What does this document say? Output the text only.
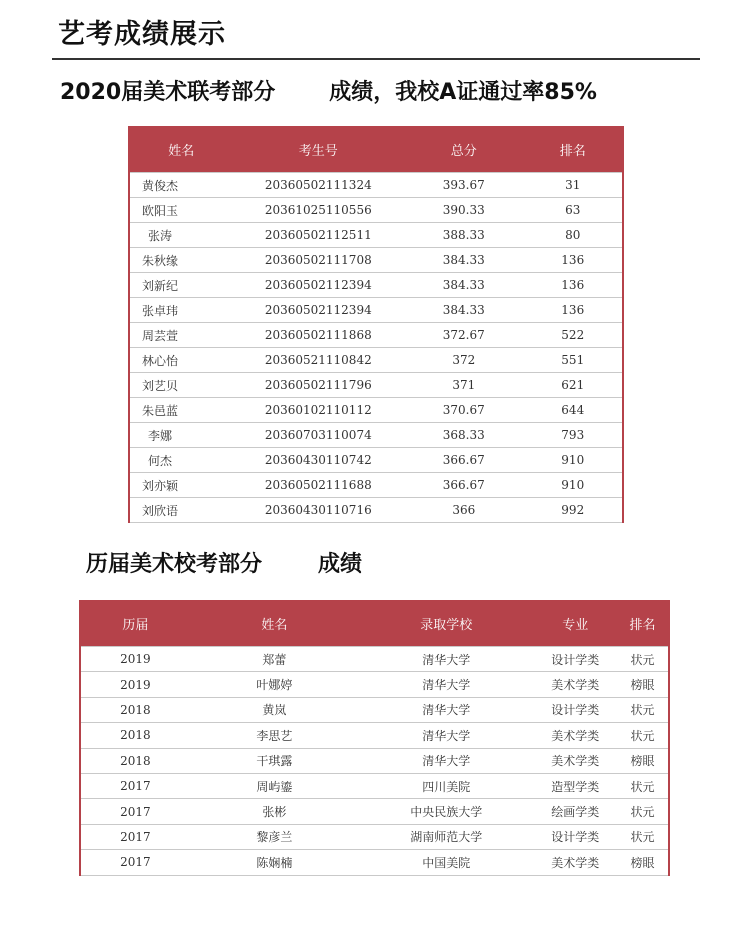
艺考成绩展示
2020届美术联考部分 成绩，我校A证通过率85%
姓名	考生号	总分	排名
黄俊杰	20360502111324	393.67	31
欧阳玉	20361025110556	390.33	63
张涛	20360502112511	388.33	80
朱秋缘	20360502111708	384.33	136
刘新纪	20360502112394	384.33	136
张卓玮	20360502112394	384.33	136
周芸萱	20360502111868	372.67	522
林心怡	20360521110842	372	551
刘艺贝	20360502111796	371	621
朱邑蓝	20360102110112	370.67	644
李娜	20360703110074	368.33	793
何杰	20360430110742	366.67	910
刘亦颖	20360502111688	366.67	910
刘欣语	20360430110716	366	992
历届美术校考部分	成绩
历届	姓名	录取学校	专业	排名
2019	郑蕾	清华大学	设计学类	状元
2019	叶娜婷	清华大学	美术学类	榜眼
2018	黄岚	清华大学	设计学类	状元
2018	李思艺	清华大学	美术学类	状元
2018	干琪露	清华大学	美术学类	榜眼
2017	周屿鎏	四川美院	造型学类	状元
2017	张彬	中央民族大学	绘画学类	状元
2017	黎彦兰	湖南师范大学	设计学类	状元
2017	陈娴楠	中国美院	美术学类	榜眼
